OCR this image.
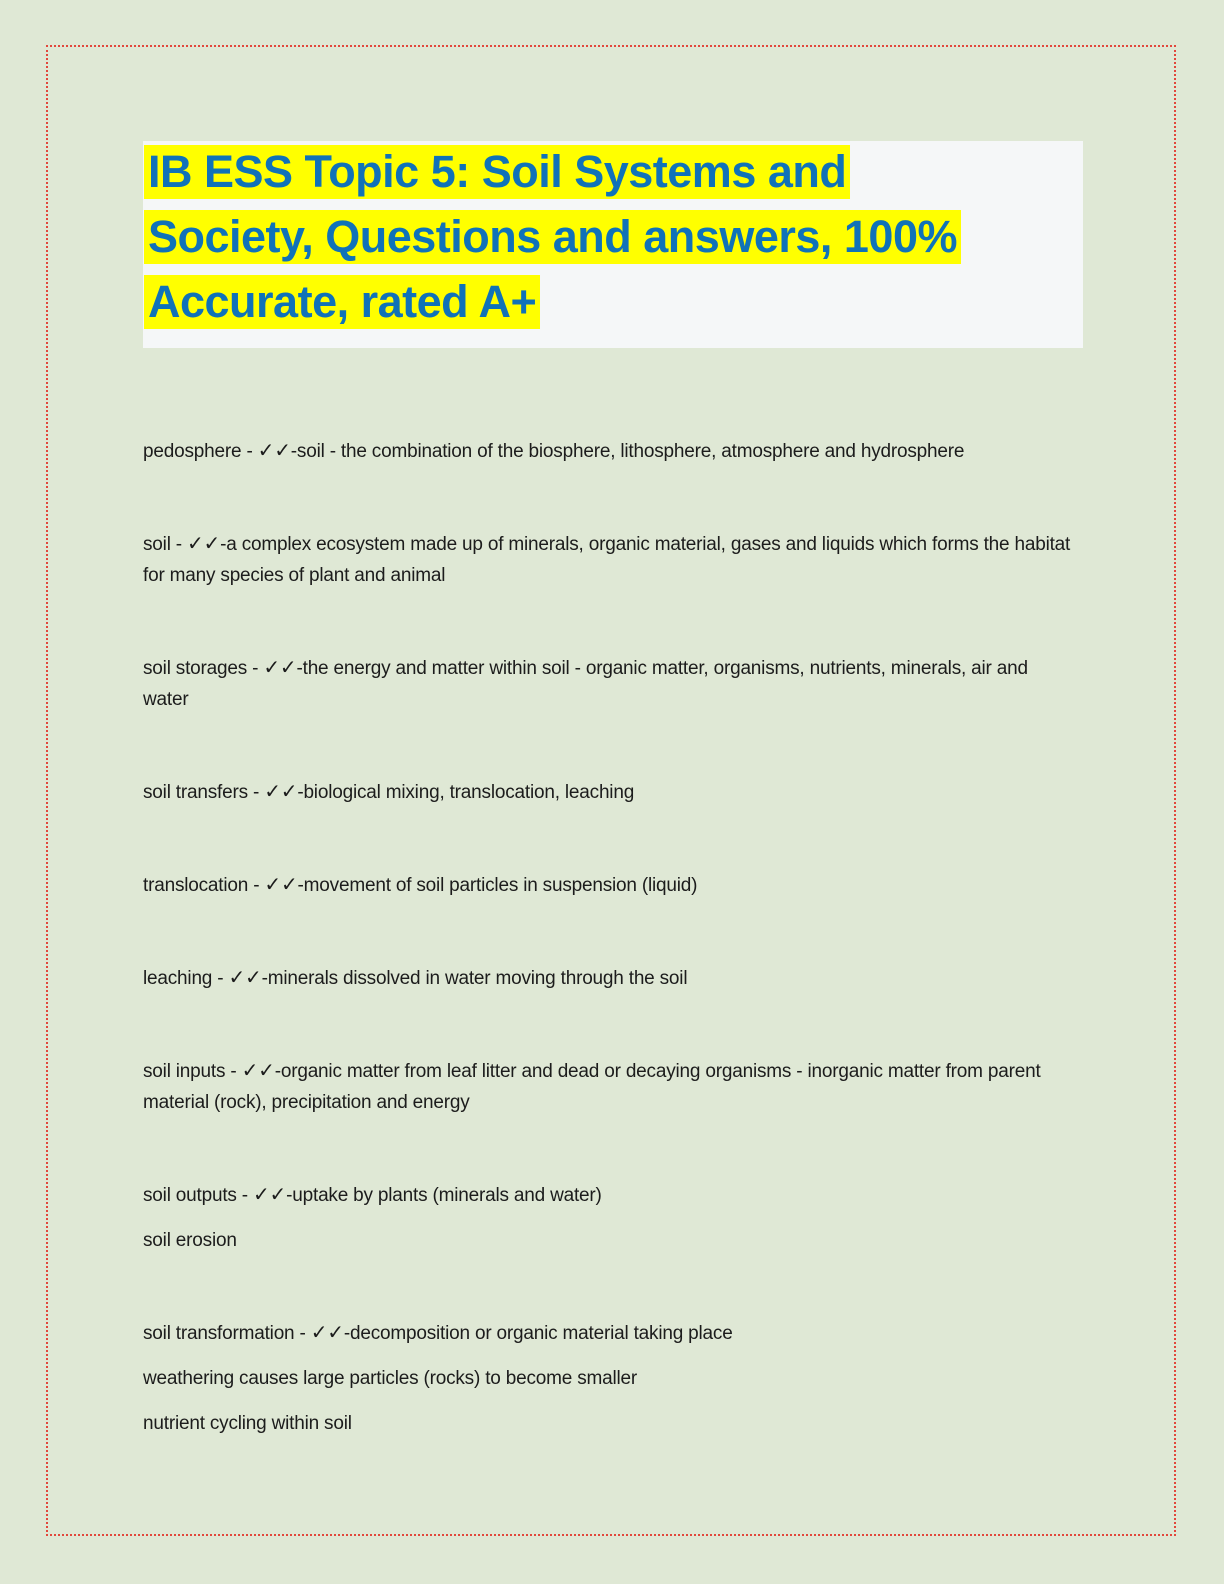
IB ESS Topic 5: Soil Systems and
Society, Questions and answers, 100%
Accurate, rated A+
pedosphere - ✓✓-soil - the combination of the biosphere, lithosphere, atmosphere and hydrosphere
soil - ✓✓-a complex ecosystem made up of minerals, organic material, gases and liquids which forms the habitat for many species of plant and animal
soil storages - ✓✓-the energy and matter within soil - organic matter, organisms, nutrients, minerals, air and water
soil transfers - ✓✓-biological mixing, translocation, leaching
translocation - ✓✓-movement of soil particles in suspension (liquid)
leaching - ✓✓-minerals dissolved in water moving through the soil
soil inputs - ✓✓-organic matter from leaf litter and dead or decaying organisms - inorganic matter from parent material (rock), precipitation and energy
soil outputs - ✓✓-uptake by plants (minerals and water)
soil erosion
soil transformation - ✓✓-decomposition or organic material taking place
weathering causes large particles (rocks) to become smaller
nutrient cycling within soil
